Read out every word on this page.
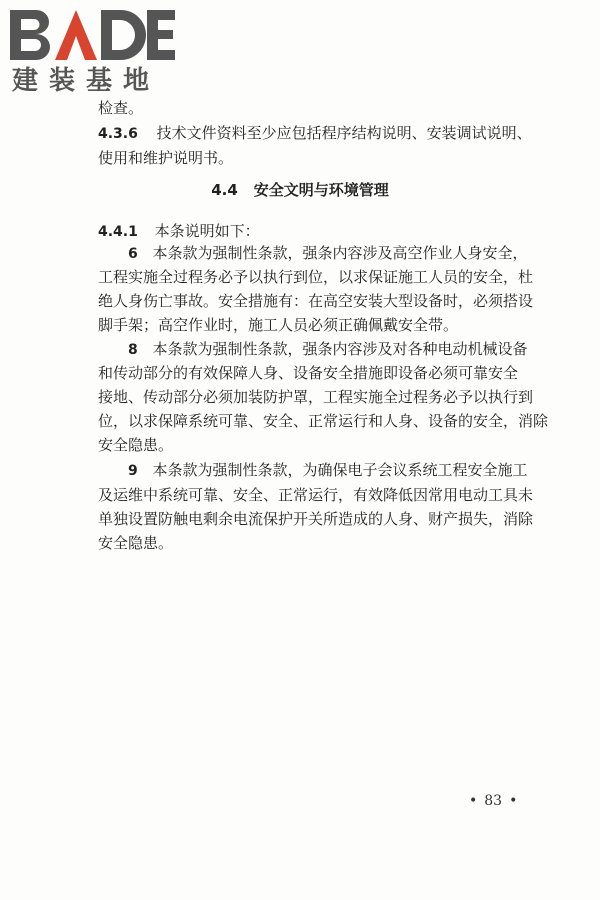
建装基地
检查。
4.3.6 技术文件资料至少应包括程序结构说明、安装调试说明、
使用和维护说明书。
4.4 安全文明与环境管理
4.4.1 本条说明如下：
6 本条款为强制性条款，强条内容涉及高空作业人身安全，
工程实施全过程务必予以执行到位，以求保证施工人员的安全，杜
绝人身伤亡事故。安全措施有：在高空安装大型设备时，必须搭设
脚手架；高空作业时，施工人员必须正确佩戴安全带。
8 本条款为强制性条款，强条内容涉及对各种电动机械设备
和传动部分的有效保障人身、设备安全措施即设备必须可靠安全
接地、传动部分必须加装防护罩，工程实施全过程务必予以执行到
位，以求保障系统可靠、安全、正常运行和人身、设备的安全，消除
安全隐患。
9 本条款为强制性条款，为确保电子会议系统工程安全施工
及运维中系统可靠、安全、正常运行，有效降低因常用电动工具未
单独设置防触电剩余电流保护开关所造成的人身、财产损失，消除
安全隐患。
• 83 •
